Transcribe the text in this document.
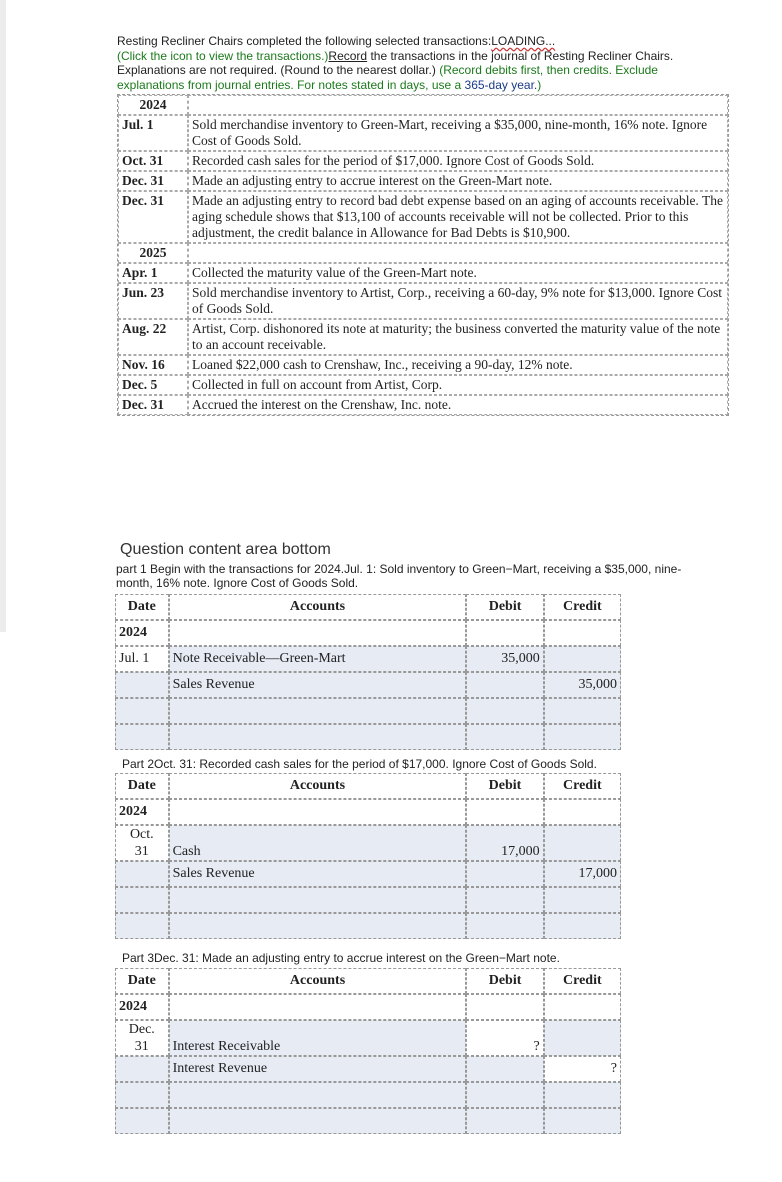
Resting Recliner Chairs completed the following selected transactions:LOADING...
(Click the icon to view the transactions.)Record the transactions in the journal of Resting Recliner Chairs.
Explanations are not required. (Round to the nearest dollar.) (Record debits first, then credits. Exclude
explanations from journal entries. For notes stated in days, use a 365-day year.)
2024	
Jul. 1	Sold merchandise inventory to Green-Mart, receiving a $35,000, nine-month, 16% note. Ignore Cost of Goods Sold.
Oct. 31	Recorded cash sales for the period of $17,000. Ignore Cost of Goods Sold.
Dec. 31	Made an adjusting entry to accrue interest on the Green-Mart note.
Dec. 31	Made an adjusting entry to record bad debt expense based on an aging of accounts receivable. The aging schedule shows that $13,100 of accounts receivable will not be collected. Prior to this adjustment, the credit balance in Allowance for Bad Debts is $10,900.
2025	
Apr. 1	Collected the maturity value of the Green-Mart note.
Jun. 23	Sold merchandise inventory to Artist, Corp., receiving a 60-day, 9% note for $13,000. Ignore Cost of Goods Sold.
Aug. 22	Artist, Corp. dishonored its note at maturity; the business converted the maturity value of the note to an account receivable.
Nov. 16	Loaned $22,000 cash to Crenshaw, Inc., receiving a 90-day, 12% note.
Dec. 5	Collected in full on account from Artist, Corp.
Dec. 31	Accrued the interest on the Crenshaw, Inc. note.
Question content area bottom
part 1 Begin with the transactions for 2024.Jul. 1: Sold inventory to Green−Mart, receiving a $35,000, nine-month, 16% note. Ignore Cost of Goods Sold.
Date	Accounts	Debit	Credit
2024			
Jul. 1	Note Receivable—Green-Mart	35,000	
	Sales Revenue		35,000

Part 2Oct. 31: Recorded cash sales for the period of $17,000. Ignore Cost of Goods Sold.
Date	Accounts	Debit	Credit
2024			
Oct.
31	Cash	17,000	
	Sales Revenue		17,000

Part 3Dec. 31: Made an adjusting entry to accrue interest on the Green−Mart note.
Date	Accounts	Debit	Credit
2024			
Dec.
31	Interest Receivable	?	
	Interest Revenue		?
